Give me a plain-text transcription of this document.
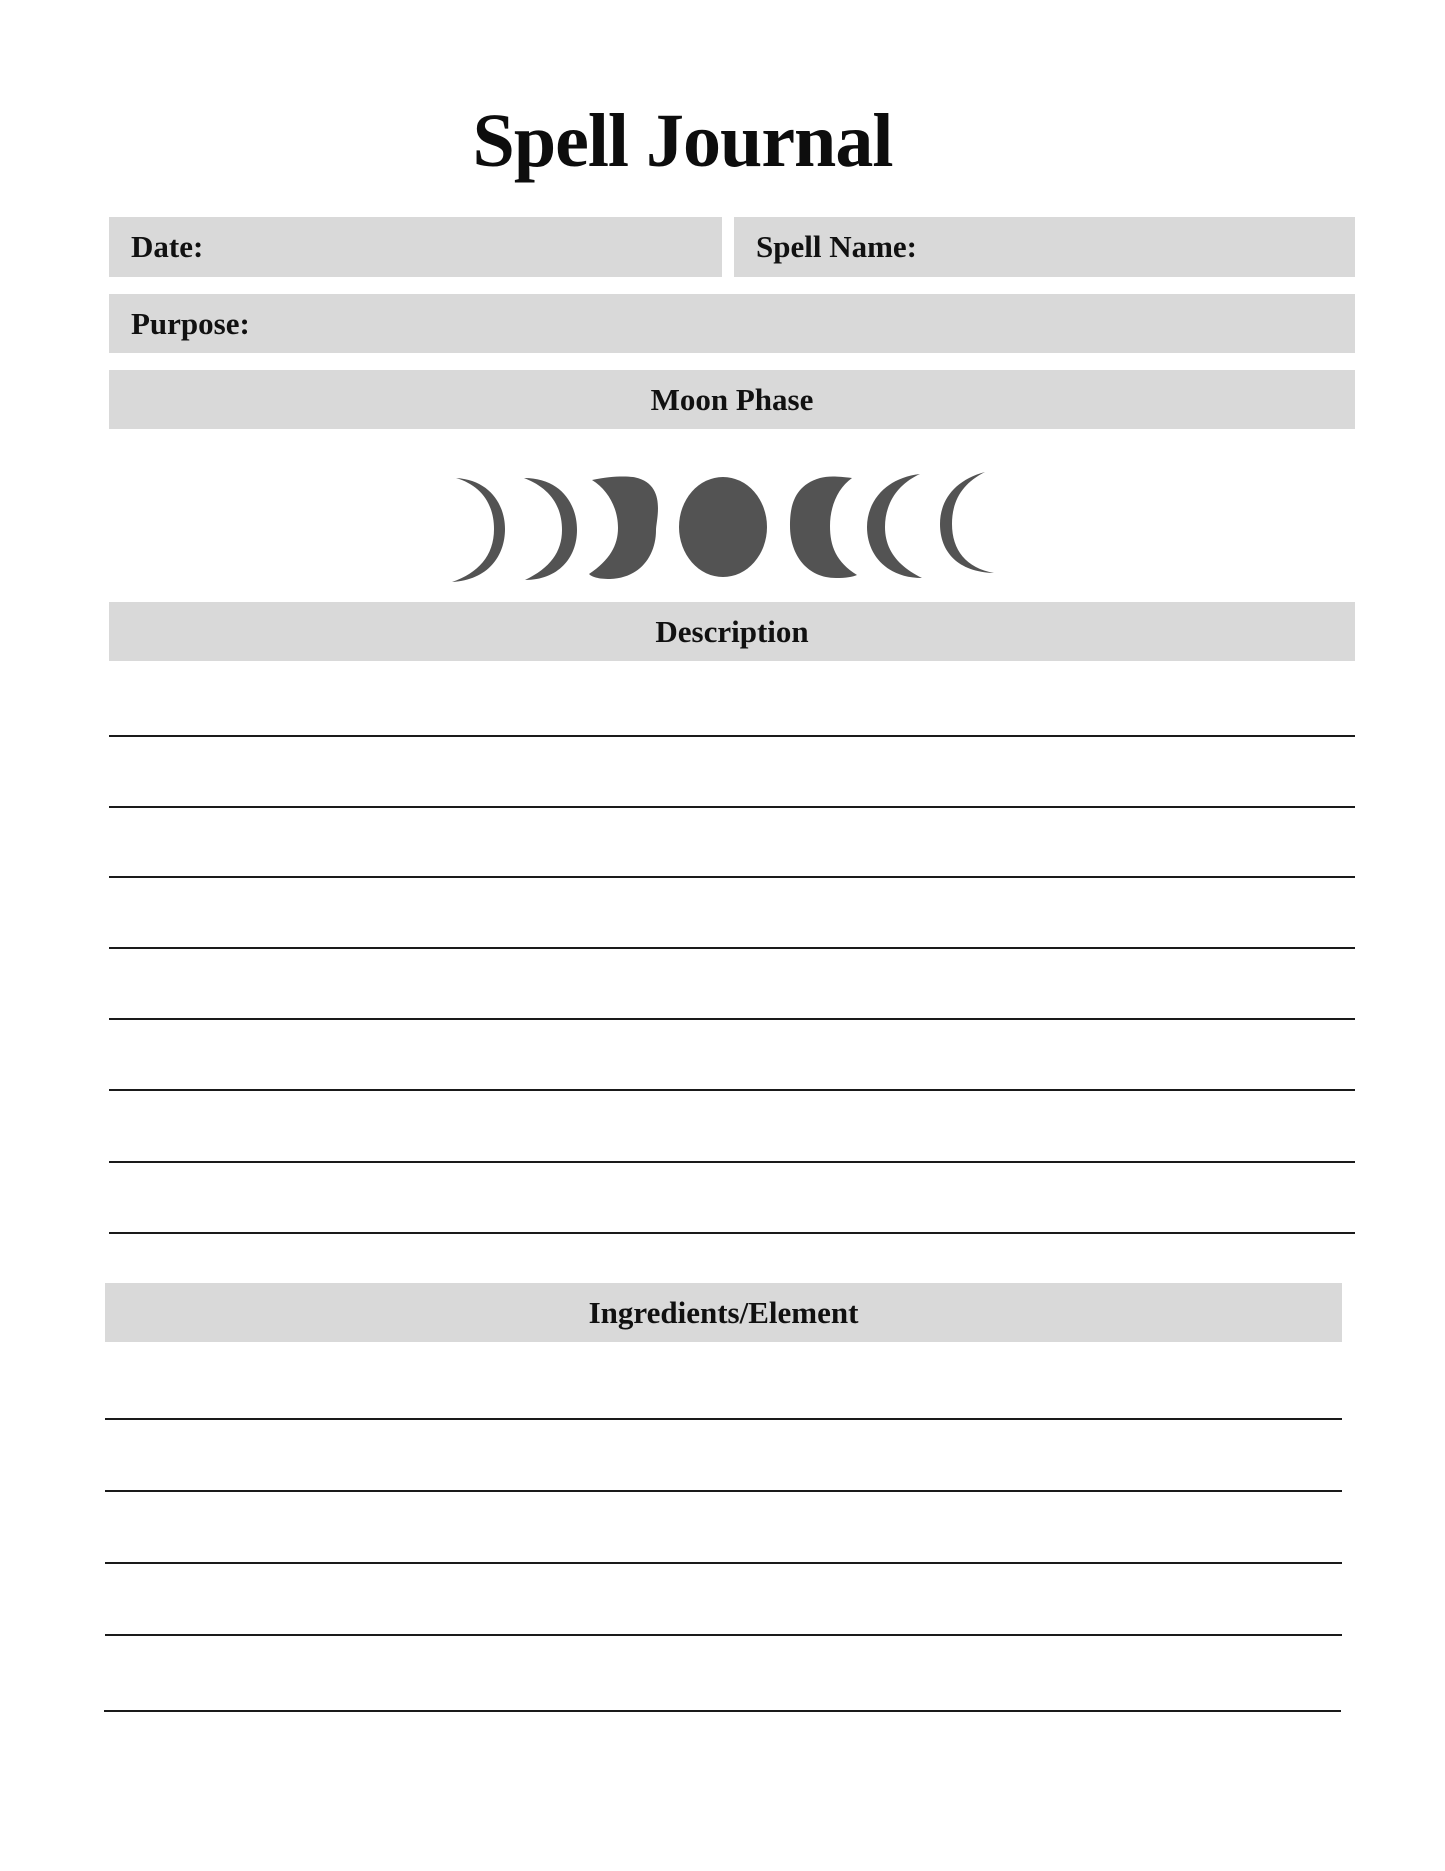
Spell Journal
Date:	Spell Name:
Purpose:
Moon Phase
Description
Ingredients/Element
